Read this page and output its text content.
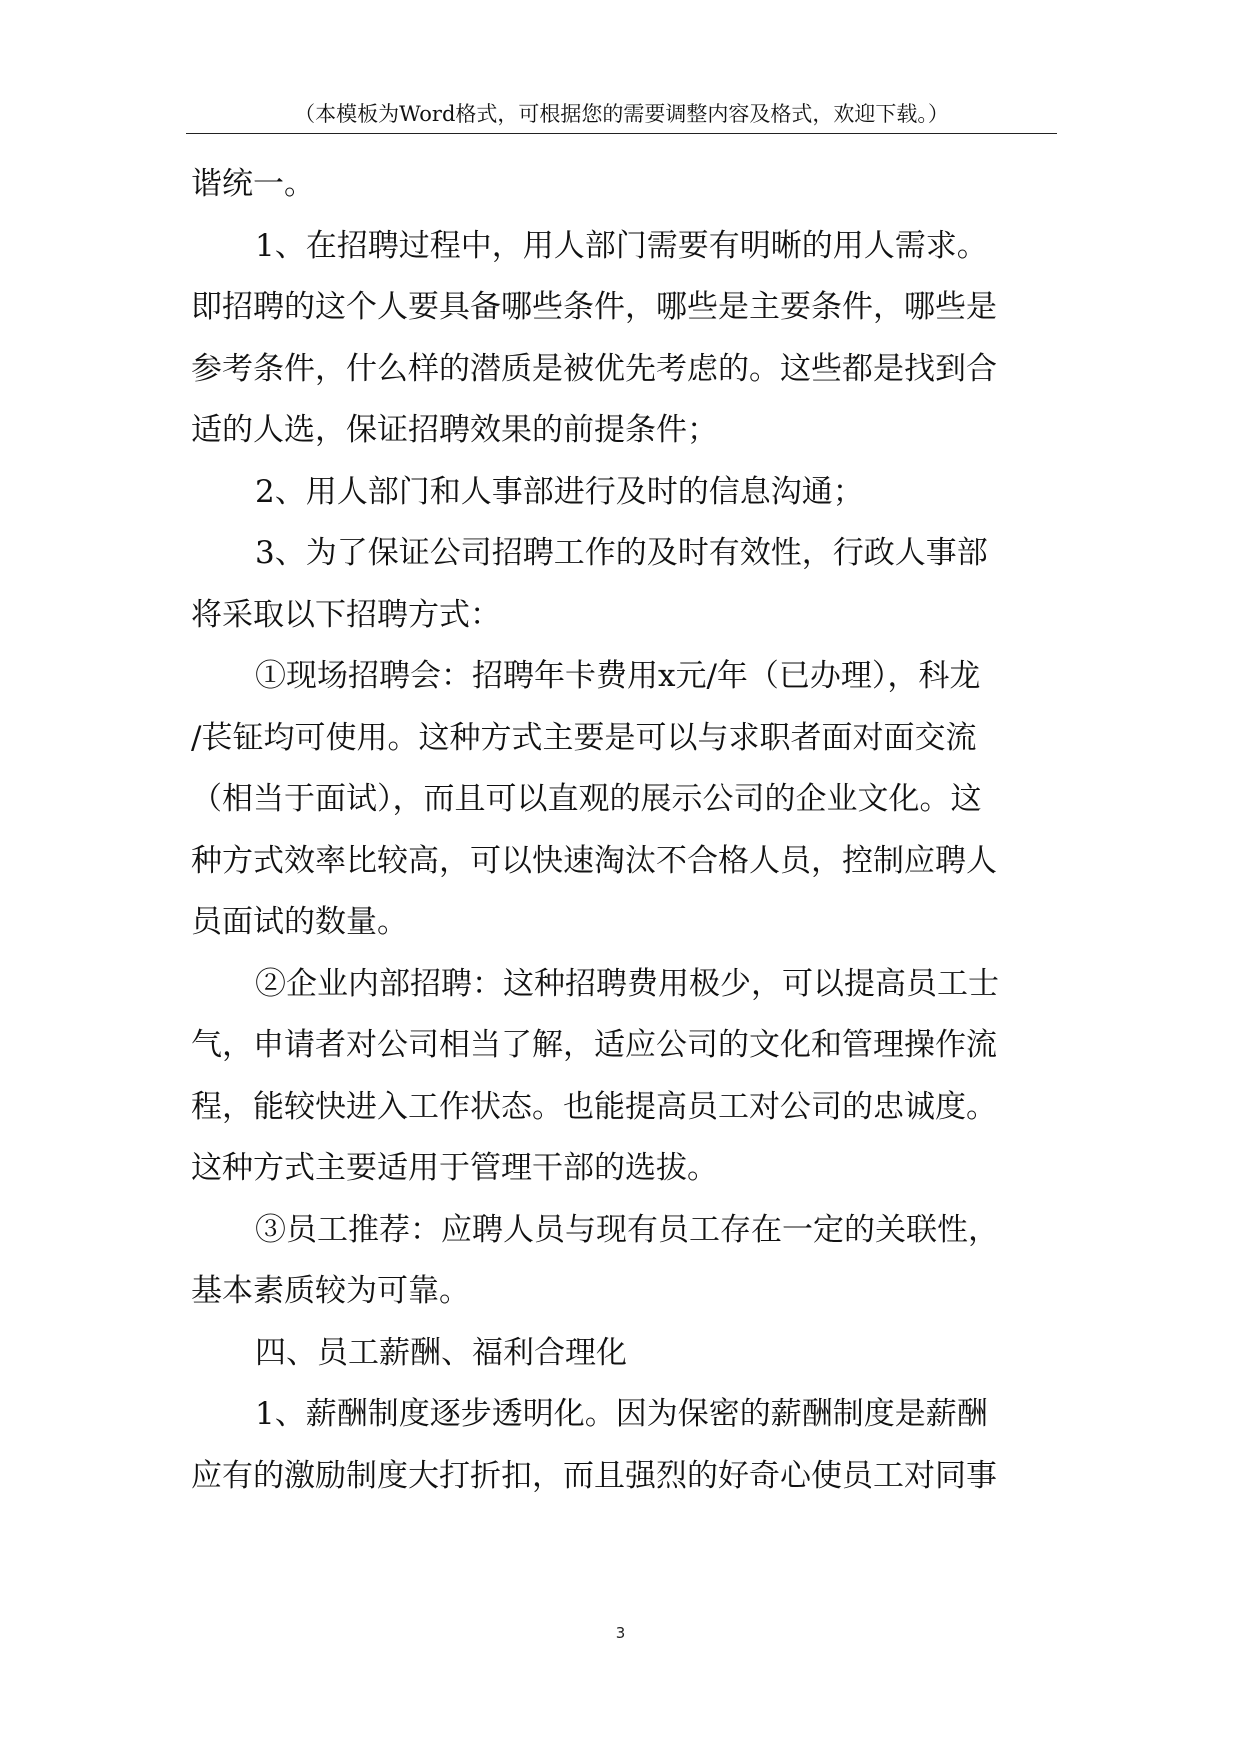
（本模板为Word格式，可根据您的需要调整内容及格式，欢迎下载。）

谐统一。

1、在招聘过程中，用人部门需要有明晰的用人需求。

即招聘的这个人要具备哪些条件，哪些是主要条件，哪些是

参考条件，什么样的潜质是被优先考虑的。这些都是找到合

适的人选，保证招聘效果的前提条件；

2、用人部门和人事部进行及时的信息沟通；

3、为了保证公司招聘工作的及时有效性，行政人事部

将采取以下招聘方式：

①现场招聘会：招聘年卡费用x元/年（已办理），科龙

/苌钲均可使用。这种方式主要是可以与求职者面对面交流

（相当于面试），而且可以直观的展示公司的企业文化。这

种方式效率比较高，可以快速淘汰不合格人员，控制应聘人

员面试的数量。

②企业内部招聘：这种招聘费用极少，可以提高员工士

气，申请者对公司相当了解，适应公司的文化和管理操作流

程，能较快进入工作状态。也能提高员工对公司的忠诚度。

这种方式主要适用于管理干部的选拔。

③员工推荐：应聘人员与现有员工存在一定的关联性，

基本素质较为可靠。

四、员工薪酬、福利合理化

1、薪酬制度逐步透明化。因为保密的薪酬制度是薪酬

应有的激励制度大打折扣，而且强烈的好奇心使员工对同事

3
